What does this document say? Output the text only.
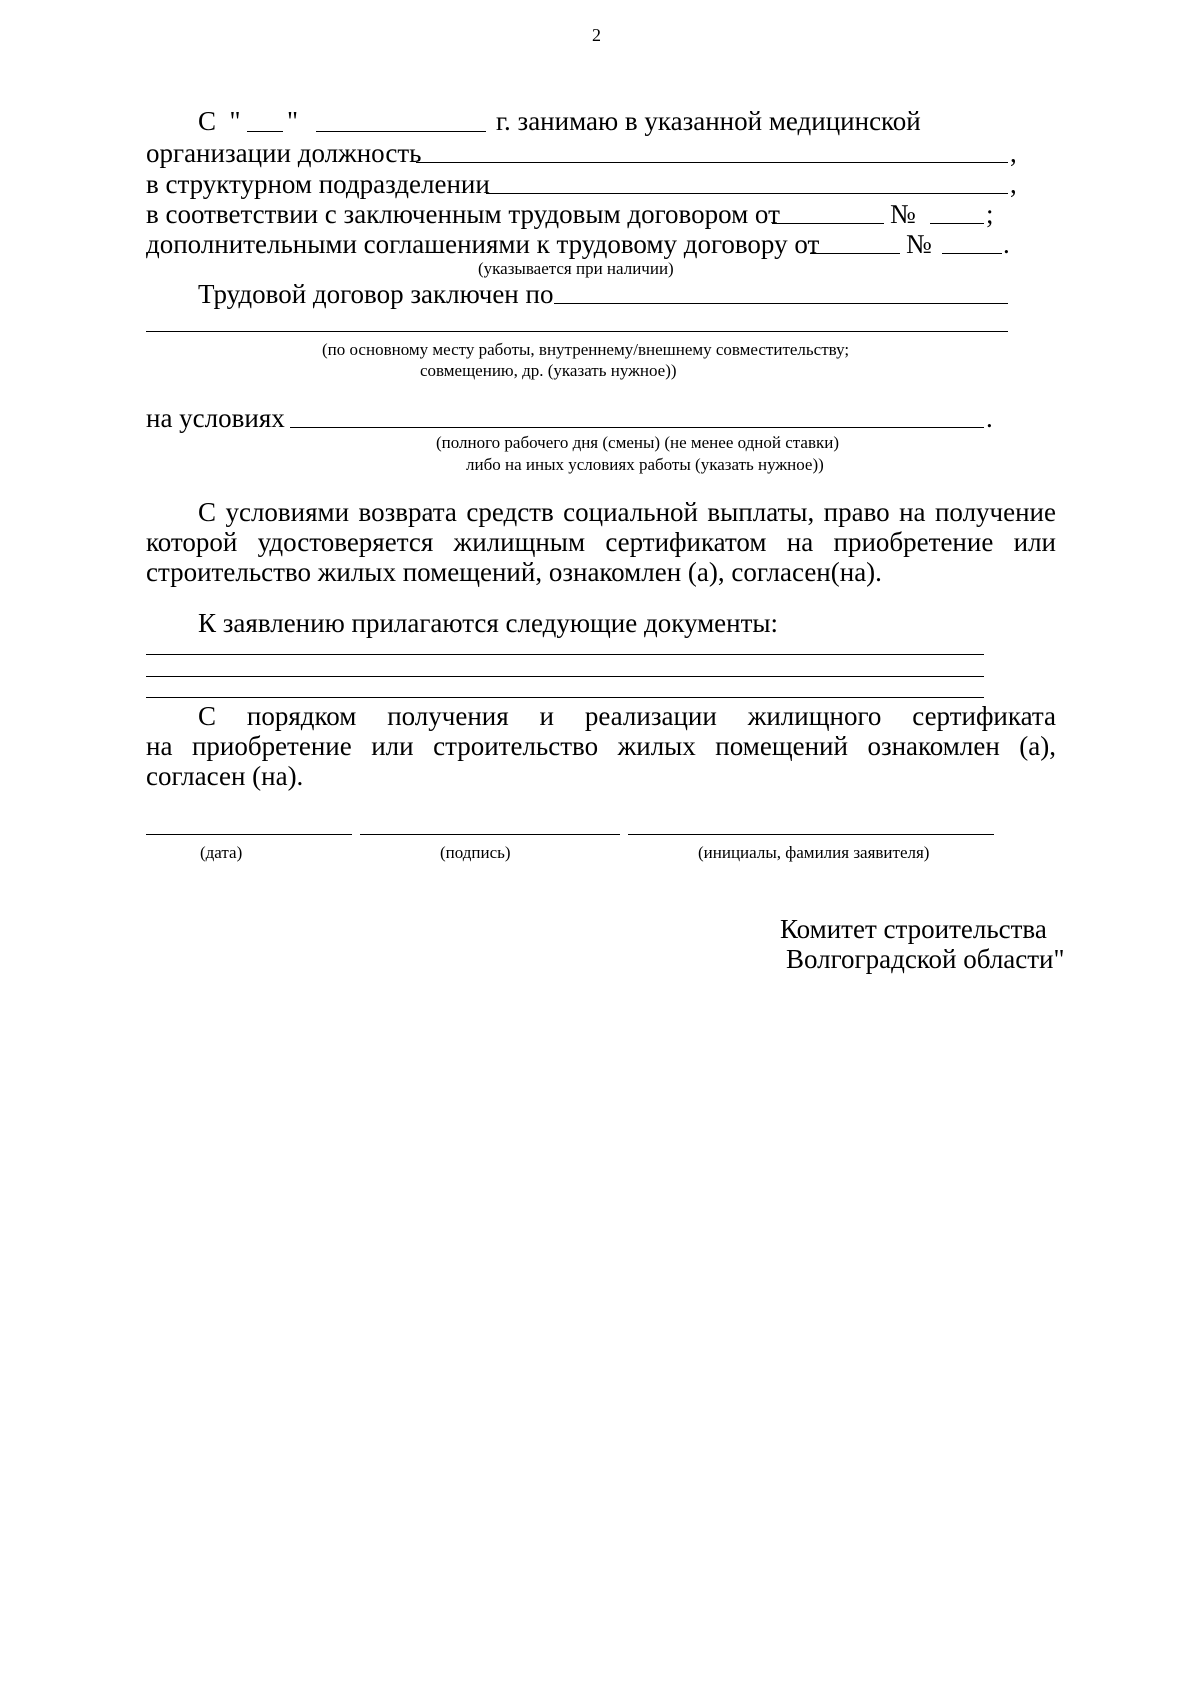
2
С  " "	г. занимаю в указанной медицинской
организации должность	,
в структурном подразделении	,
в соответствии с заключенным трудовым договором от	№	;
дополнительными соглашениями к трудовому договору от	№	.
(указывается при наличии)
Трудовой договор заключен по
(по основному месту работы, внутреннему/внешнему совместительству;
совмещению, др. (указать нужное))
на условиях	.
(полного рабочего дня (смены) (не менее одной ставки)
либо на иных условиях работы (указать нужное))
С условиями возврата средств социальной выплаты, право на получение
которой удостоверяется жилищным сертификатом на приобретение или
строительство жилых помещений, ознакомлен (а), согласен(на).
К заявлению прилагаются следующие документы:
С порядком получения и реализации жилищного сертификата
на приобретение или строительство жилых помещений ознакомлен (а),
согласен (на).
(дата)	(подпись)	(инициалы, фамилия заявителя)
Комитет строительства
Волгоградской области"
